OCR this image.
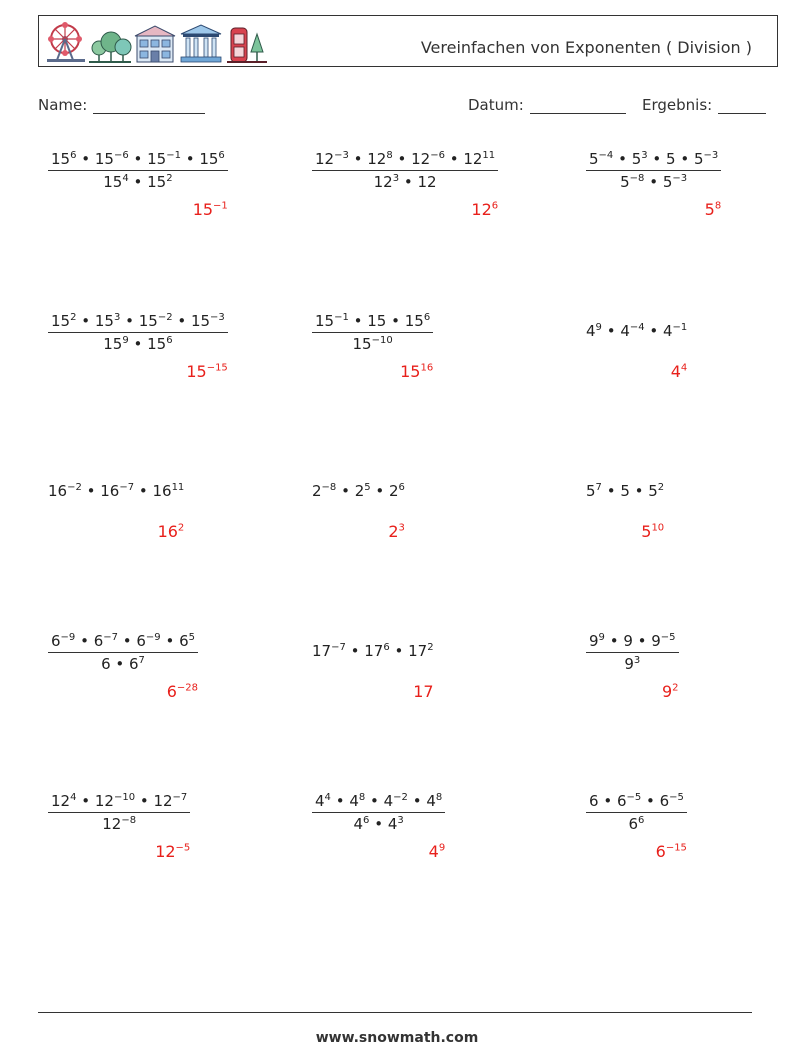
Vereinfachen von Exponenten ( Division )
Name:	Datum:	Ergebnis:
$\frac{15^6 • 15^{-6} • 15^{-1} • 15^6}{15^4 • 15^2}$
$15^{-1}$
$\frac{12^{-3} • 12^8 • 12^{-6} • 12^{11}}{12^3 • 12}$
$12^6$
$\frac{5^{-4} • 5^3 • 5 • 5^{-3}}{5^{-8} • 5^{-3}}$
$5^8$
$\frac{15^2 • 15^3 • 15^{-2} • 15^{-3}}{15^9 • 15^6}$
$15^{-15}$
$\frac{15^{-1} • 15 • 15^6}{15^{-10}}$
$15^{16}$
$4^9$ • $4^{-4}$ • $4^{-1}$
$4^4$
$16^{-2}$ • $16^{-7}$ • $16^{11}$
$16^2$
$2^{-8}$ • $2^5$ • $2^6$
$2^3$
$5^7$ • 5 • $5^2$
$5^{10}$
$\frac{6^{-9} • 6^{-7} • 6^{-9} • 6^5}{6 • 6^7}$
$6^{-28}$
$17^{-7}$ • $17^6$ • $17^2$
17
$\frac{9^9 • 9 • 9^{-5}}{9^3}$
$9^2$
$\frac{12^4 • 12^{-10} • 12^{-7}}{12^{-8}}$
$12^{-5}$
$\frac{4^4 • 4^8 • 4^{-2} • 4^8}{4^6 • 4^3}$
$4^9$
$\frac{6 • 6^{-5} • 6^{-5}}{6^6}$
$6^{-15}$
www.snowmath.com
